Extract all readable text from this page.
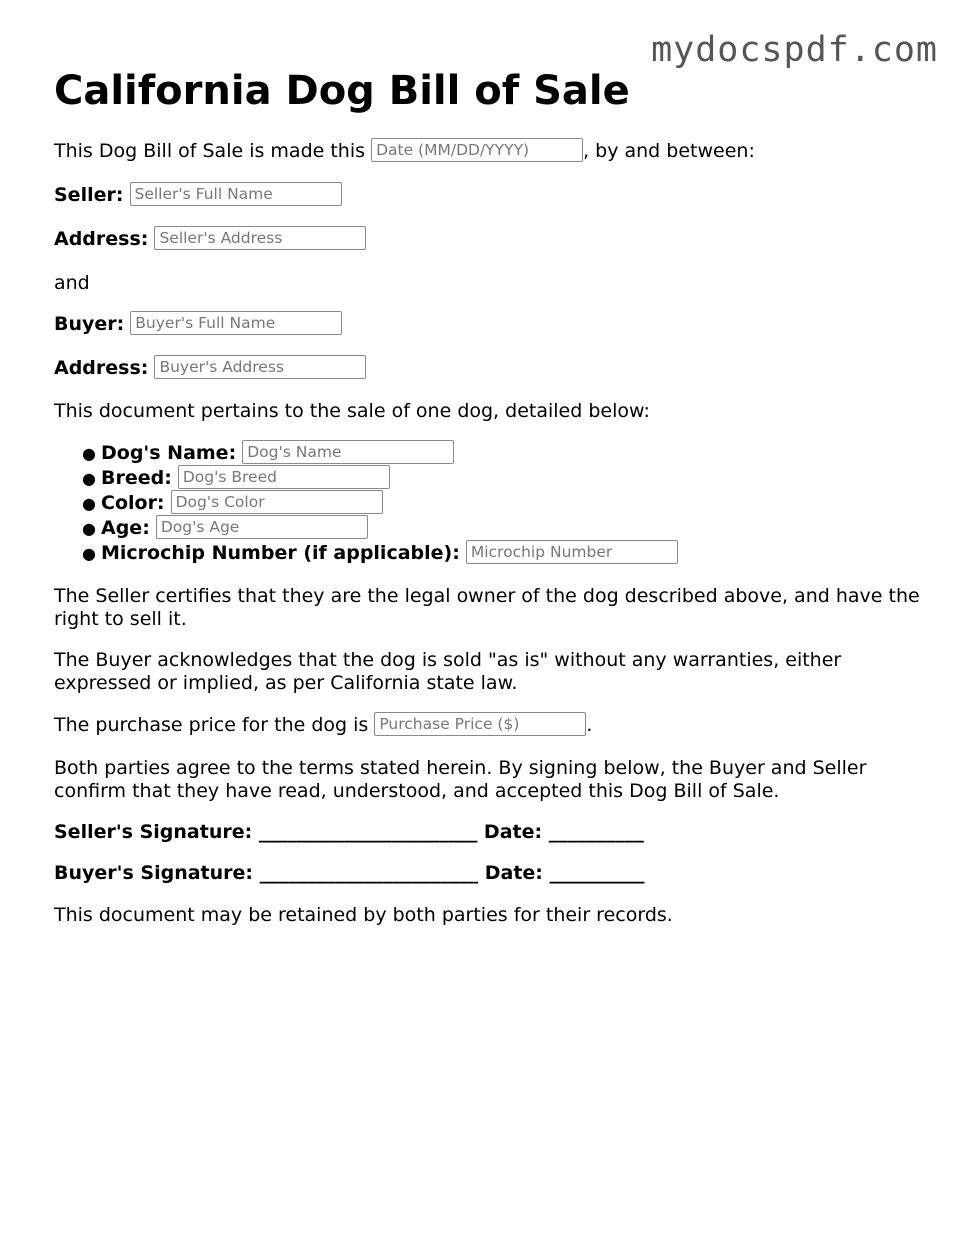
mydocspdf.com
California Dog Bill of Sale
This Dog Bill of Sale is made this Date (MM/DD/YYYY)	, by and between:
Seller: Seller's Full Name
Address: Seller's Address
and
Buyer: Buyer's Full Name
Address: Buyer's Address
This document pertains to the sale of one dog, detailed below:
● Dog's Name: Dog's Name
● Breed: Dog's Breed
● Color: Dog's Color
● Age: Dog's Age
● Microchip Number (if applicable): Microchip Number
The Seller certifies that they are the legal owner of the dog described above, and have the right to sell it.
The Buyer acknowledges that the dog is sold "as is" without any warranties, either expressed or implied, as per California state law.
The purchase price for the dog is Purchase Price ($)	.
Both parties agree to the terms stated herein. By signing below, the Buyer and Seller confirm that they have read, understood, and accepted this Dog Bill of Sale.
Seller's Signature: _______________________ Date: __________
Buyer's Signature: _______________________ Date: __________
This document may be retained by both parties for their records.
